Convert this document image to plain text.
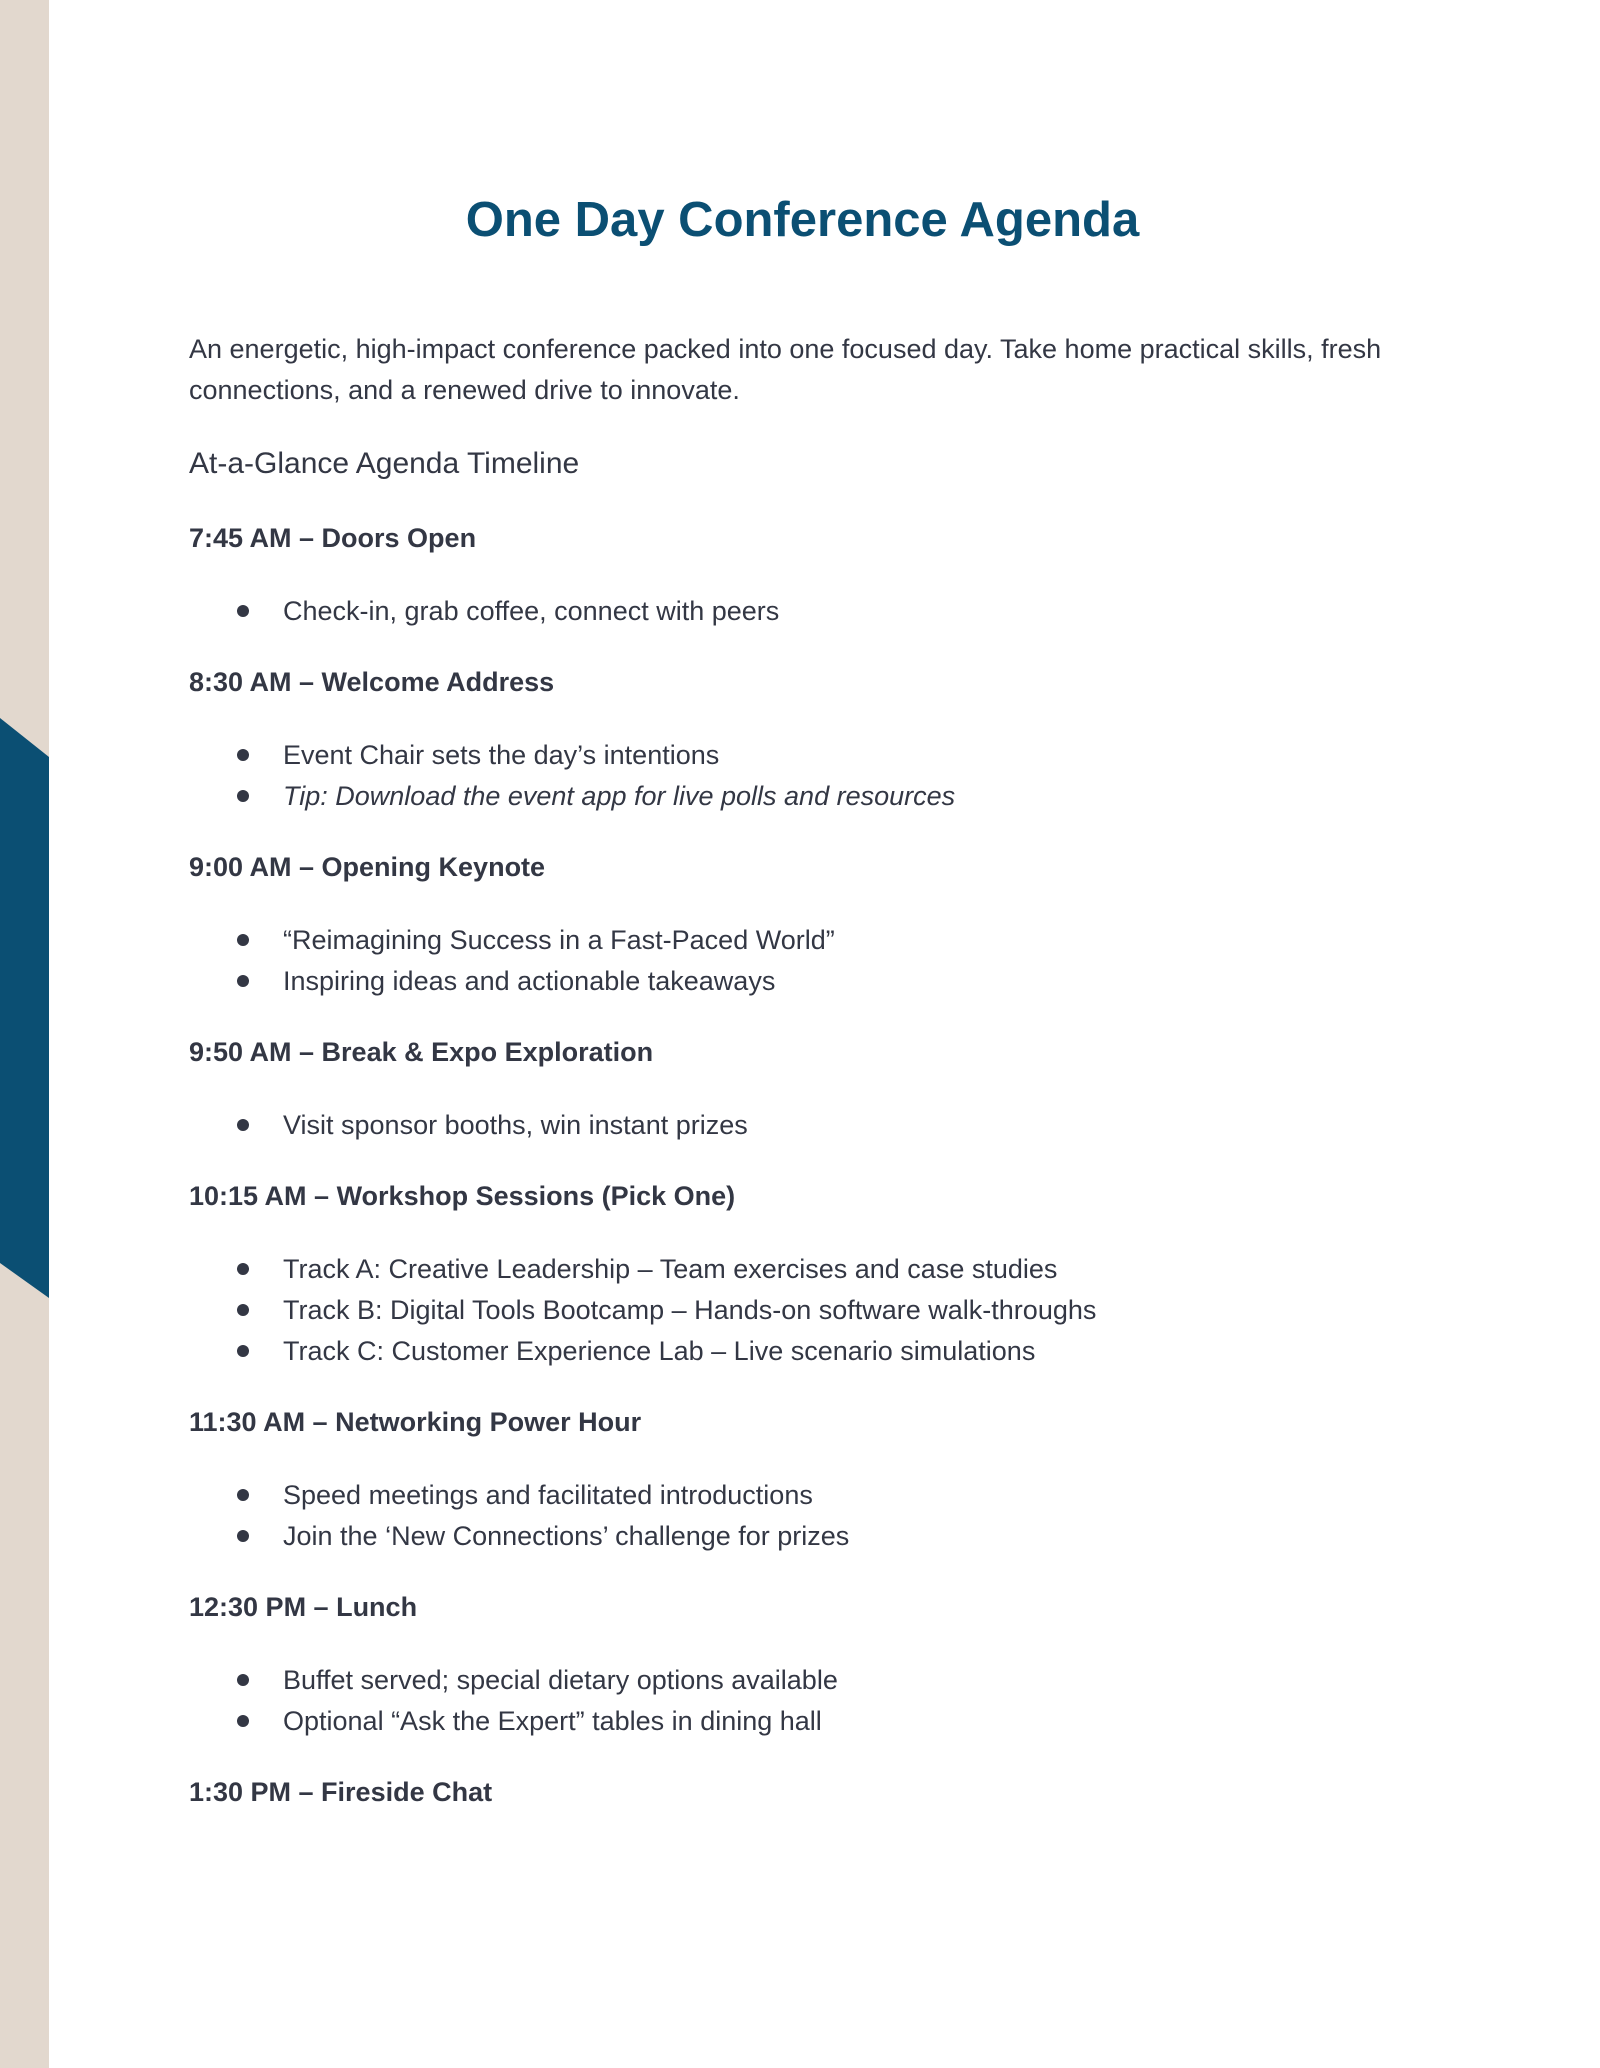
One Day Conference Agenda

An energetic, high-impact conference packed into one focused day. Take home practical skills, fresh connections, and a renewed drive to innovate.

At-a-Glance Agenda Timeline
7:45 AM – Doors Open
Check-in, grab coffee, connect with peers
8:30 AM – Welcome Address
Event Chair sets the day’s intentions
Tip: Download the event app for live polls and resources
9:00 AM – Opening Keynote
“Reimagining Success in a Fast-Paced World”
Inspiring ideas and actionable takeaways
9:50 AM – Break & Expo Exploration
Visit sponsor booths, win instant prizes
10:15 AM – Workshop Sessions (Pick One)
Track A: Creative Leadership – Team exercises and case studies
Track B: Digital Tools Bootcamp – Hands-on software walk-throughs
Track C: Customer Experience Lab – Live scenario simulations
11:30 AM – Networking Power Hour
Speed meetings and facilitated introductions
Join the ‘New Connections’ challenge for prizes
12:30 PM – Lunch
Buffet served; special dietary options available
Optional “Ask the Expert” tables in dining hall
1:30 PM – Fireside Chat
